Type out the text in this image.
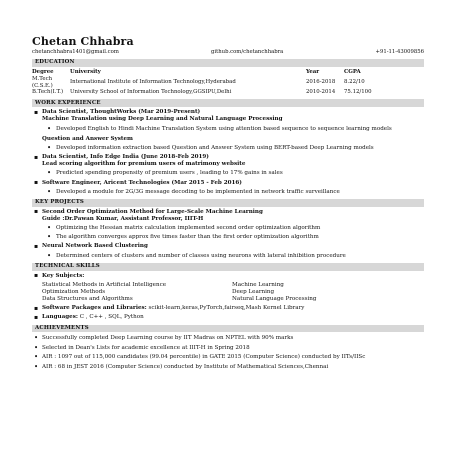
Chetan Chhabra
chetanchhabra1401@gmail.com	github.com/chetanchhabra	+91-11-43009856
EDUCATION
Degree	University	Year	CGPA
M.Tech (C.S.E.)	International Institute of Information Technology,Hyderabad	2016-2018	8.22/10
B.Tech(I.T.)	University School of Information Technology,GGSIPU,Delhi	2010-2014	75.12/100
WORK EXPERIENCE
▪ Data Scientist, ThoughtWorks (Mar 2019-Present)
Machine Translation using Deep Learning and Natural Language Processing
• Developed English to Hindi Machine Translation System using attention based sequence to sequence learning models
Question and Answer System
• Developed information extraction based Question and Answer System using BERT-based Deep Learning models
▪ Data Scientist, Info Edge India (June 2018-Feb 2019)
Lead scoring algorithm for premium users of matrimony website
• Predicted spending propensity of premium users , leading to 17% gains in sales
▪ Software Engineer, Aricent Technologies (Mar 2015 - Feb 2016)
• Developed a module for 2G/3G message decoding to be implemented in network traffic surveillance
KEY PROJECTS
▪ Second Order Optimization Method for Large-Scale Machine Learning
Guide :Dr.Pawan Kumar, Assistant Professor, IIIT-H
• Optimizing the Hessian matrix calculation implemented second order optimization algorithm
• The algorithm converges approx five times faster than the first order optimization algorithm
▪ Neural Network Based Clustering
• Determined centers of clusters and number of classes using neurons with lateral inhibition procedure
TECHNICAL SKILLS
▪ Key Subjects:
Statistical Methods in Artificial Intelligence	Machine Learning
Optimization Methods	Deep Learning
Data Structures and Algorithms	Natural Language Processing
▪ Software Packages and Libraries: scikit-learn,keras,PyTorch,fairseq,Mash Kernel Library
▪ Languages: C , C++ , SQL, Python
ACHIEVEMENTS
• Successfully completed Deep Learning course by IIT Madras on NPTEL with 90% marks
• Selected in Dean's Lists for academic excellence at IIIT-H in Spring 2018
• AIR : 1097 out of 115,000 candidates (99.04 percentile) in GATE 2015 (Computer Science) conducted by IITs/IISc
• AIR : 68 in JEST 2016 (Computer Science) conducted by Institute of Mathematical Sciences,Chennai
